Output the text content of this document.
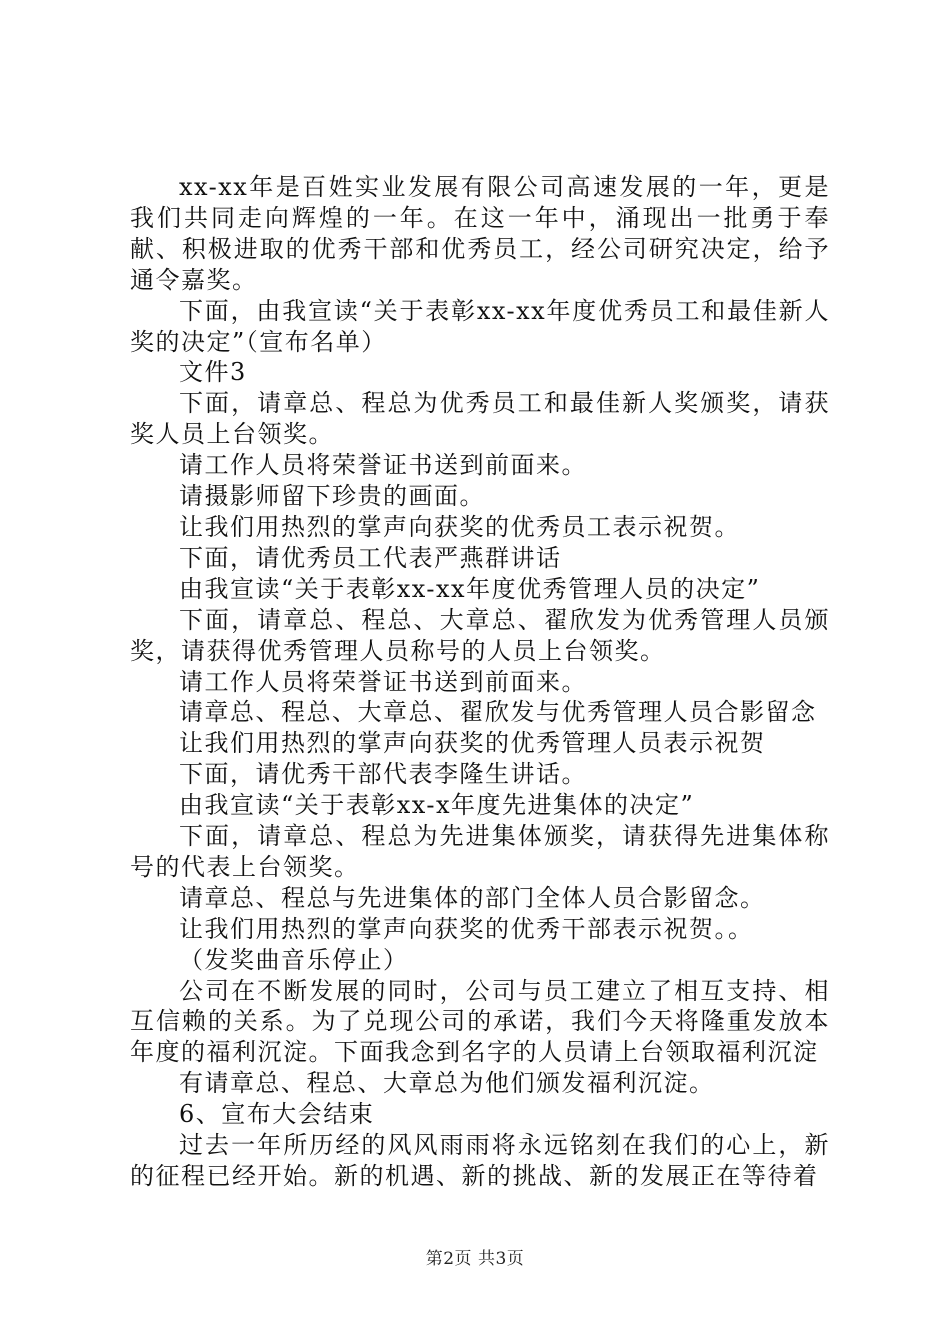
xx-xx年是百姓实业发展有限公司高速发展的一年，更是我们共同走向辉煌的一年。在这一年中，涌现出一批勇于奉献、积极进取的优秀干部和优秀员工，经公司研究决定，给予通令嘉奖。

下面，由我宣读“关于表彰xx-xx年度优秀员工和最佳新人奖的决定”（宣布名单）

文件3

下面，请章总、程总为优秀员工和最佳新人奖颁奖，请获奖人员上台领奖。

请工作人员将荣誉证书送到前面来。

请摄影师留下珍贵的画面。

让我们用热烈的掌声向获奖的优秀员工表示祝贺。

下面，请优秀员工代表严燕群讲话

由我宣读“关于表彰xx-xx年度优秀管理人员的决定”

下面，请章总、程总、大章总、翟欣发为优秀管理人员颁奖，请获得优秀管理人员称号的人员上台领奖。

请工作人员将荣誉证书送到前面来。

请章总、程总、大章总、翟欣发与优秀管理人员合影留念

让我们用热烈的掌声向获奖的优秀管理人员表示祝贺

下面，请优秀干部代表李隆生讲话。

由我宣读“关于表彰xx-x年度先进集体的决定”

下面，请章总、程总为先进集体颁奖，请获得先进集体称号的代表上台领奖。

请章总、程总与先进集体的部门全体人员合影留念。

让我们用热烈的掌声向获奖的优秀干部表示祝贺。。

（发奖曲音乐停止）

公司在不断发展的同时，公司与员工建立了相互支持、相互信赖的关系。为了兑现公司的承诺，我们今天将隆重发放本年度的福利沉淀。下面我念到名字的人员请上台领取福利沉淀

有请章总、程总、大章总为他们颁发福利沉淀。

6、宣布大会结束

过去一年所历经的风风雨雨将永远铭刻在我们的心上，新的征程已经开始。新的机遇、新的挑战、新的发展正在等待着

第2页 共3页
